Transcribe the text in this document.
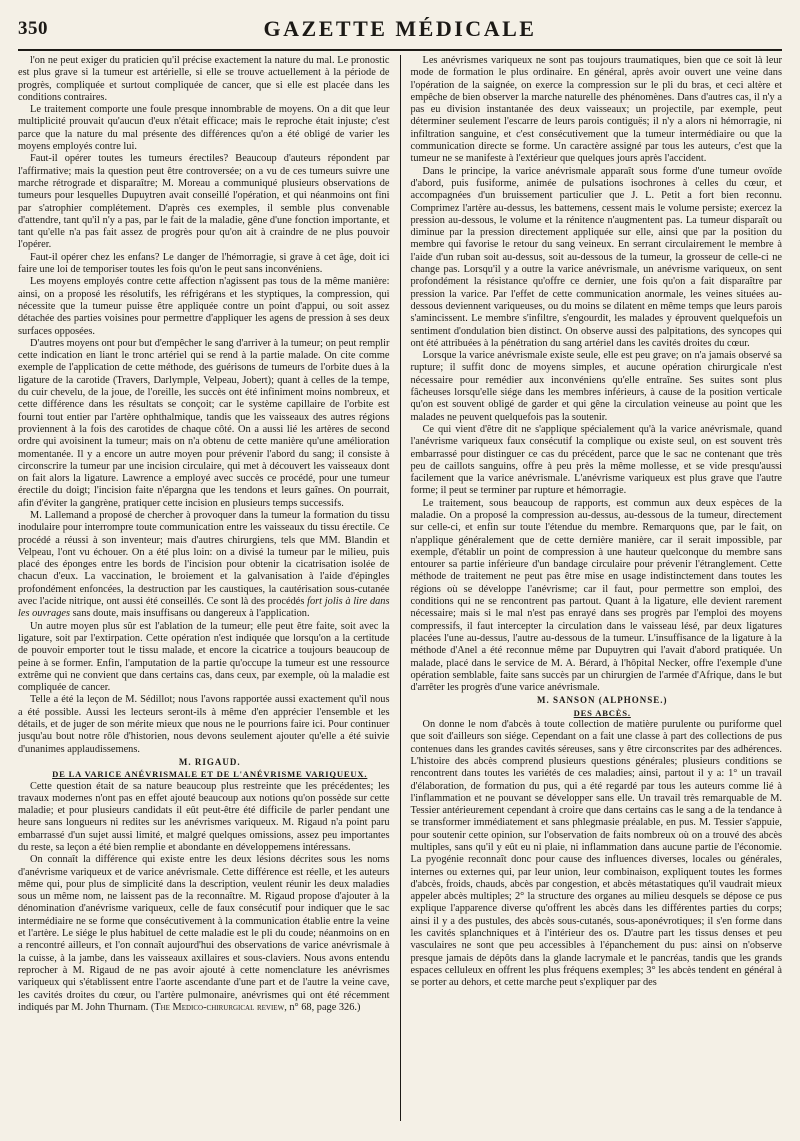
350	GAZETTE MÉDICALE

l'on ne peut exiger du praticien qu'il précise exactement la nature du mal. Le pronostic est plus grave si la tumeur est artérielle, si elle se trouve actuellement à la période de progrès, compliquée et surtout compliquée de cancer, que si elle est placée dans les conditions contraires.

Le traitement comporte une foule presque innombrable de moyens. On a dit que leur multiplicité prouvait qu'aucun d'eux n'était efficace; mais le reproche était injuste; c'est parce que la nature du mal présente des différences qu'on a été obligé de varier les moyens employés contre lui.

Faut-il opérer toutes les tumeurs érectiles? Beaucoup d'auteurs répondent par l'affirmative; mais la question peut être controversée; on a vu de ces tumeurs suivre une marche rétrograde et disparaître; M. Moreau a communiqué plusieurs observations de tumeurs pour lesquelles Dupuytren avait conseillé l'opération, et qui néanmoins ont fini par s'atrophier complétement. D'après ces exemples, il semble plus convenable d'attendre, tant qu'il n'y a pas, par le fait de la maladie, gêne d'une fonction importante, et tant qu'elle n'a pas fait assez de progrès pour qu'on ait à craindre de ne plus pouvoir l'opérer.

Faut-il opérer chez les enfans? Le danger de l'hémorragie, si grave à cet âge, doit ici faire une loi de temporiser toutes les fois qu'on le peut sans inconvéniens.

Les moyens employés contre cette affection n'agissent pas tous de la même manière: ainsi, on a proposé les résolutifs, les réfrigérans et les styptiques, la compression, qui nécessite que la tumeur puisse être appliquée contre un point d'appui, ou soit assez détachée des parties voisines pour permettre d'appliquer les agens de pression à ses deux surfaces opposées.

D'autres moyens ont pour but d'empêcher le sang d'arriver à la tumeur; on peut remplir cette indication en liant le tronc artériel qui se rend à la partie malade. On cite comme exemple de l'application de cette méthode, des guérisons de tumeurs de l'orbite dues à la ligature de la carotide (Travers, Darlymple, Velpeau, Jobert); quant à celles de la tempe, du cuir chevelu, de la joue, de l'oreille, les succès ont été infiniment moins nombreux, et cette différence dans les résultats se conçoit; car le système capillaire de l'orbite est fourni tout entier par l'artère ophthalmique, tandis que les vaisseaux des autres régions proviennent à la fois des carotides de chaque côté. On a aussi lié les artères de second ordre qui avoisinent la tumeur; mais on n'a obtenu de cette manière qu'une amélioration momentanée. Il y a encore un autre moyen pour prévenir l'abord du sang; il consiste à circonscrire la tumeur par une incision circulaire, qui met à découvert les vaisseaux dont on fait alors la ligature. Lawrence a employé avec succès ce procédé, pour une tumeur érectile du doigt; l'incision faite n'épargna que les tendons et leurs gaînes. On pourrait, afin d'éviter la gangrène, pratiquer cette incision en plusieurs temps successifs.

M. Lallemand a proposé de chercher à provoquer dans la tumeur la formation du tissu inodulaire pour interrompre toute communication entre les vaisseaux du tissu érectile. Ce procédé a réussi à son inventeur; mais d'autres chirurgiens, tels que MM. Blandin et Velpeau, l'ont vu échouer. On a été plus loin: on a divisé la tumeur par le milieu, puis placé des éponges entre les bords de l'incision pour obtenir la cicatrisation isolée de chacun d'eux. La vaccination, le broiement et la galvanisation à l'aide d'épingles profondément enfoncées, la destruction par les caustiques, la cautérisation sous-cutanée avec l'acide nitrique, ont aussi été conseillés. Ce sont là des procédés fort jolis à lire dans les ouvrages sans doute, mais insuffisans ou dangereux à l'application.

Un autre moyen plus sûr est l'ablation de la tumeur; elle peut être faite, soit avec la ligature, soit par l'extirpation. Cette opération n'est indiquée que lorsqu'on a la certitude de pouvoir emporter tout le tissu malade, et encore la cicatrice a toujours beaucoup de peine à se former. Enfin, l'amputation de la partie qu'occupe la tumeur est une ressource extrême qui ne convient que dans certains cas, dans ceux, par exemple, où la maladie est compliquée de cancer.

Telle a été la leçon de M. Sédillot; nous l'avons rapportée aussi exactement qu'il nous a été possible. Aussi les lecteurs seront-ils à même d'en apprécier l'ensemble et les détails, et de juger de son mérite mieux que nous ne le pourrions faire ici. Pour continuer jusqu'au bout notre rôle d'historien, nous devons seulement ajouter qu'elle a été suivie d'unanimes applaudissemens.

M. RIGAUD.

DE LA VARICE ANÉVRISMALE ET DE L'ANÉVRISME VARIQUEUX.

Cette question était de sa nature beaucoup plus restreinte que les précédentes; les travaux modernes n'ont pas en effet ajouté beaucoup aux notions qu'on possède sur cette maladie; et pour plusieurs candidats il eût peut-être été difficile de parler pendant une heure sans longueurs ni redites sur les anévrismes variqueux. M. Rigaud n'a point paru embarrassé d'un sujet aussi limité, et malgré quelques omissions, assez peu importantes du reste, sa leçon a été bien remplie et abondante en développemens intéressans.

On connaît la différence qui existe entre les deux lésions décrites sous les noms d'anévrisme variqueux et de varice anévrismale. Cette différence est réelle, et les auteurs même qui, pour plus de simplicité dans la description, veulent réunir les deux maladies sous un même nom, ne laissent pas de la reconnaître. M. Rigaud propose d'ajouter à la dénomination d'anévrisme variqueux, celle de faux consécutif pour indiquer que le sac intermédiaire ne se forme que consécutivement à la communication établie entre la veine et l'artère. Le siége le plus habituel de cette maladie est le pli du coude; néanmoins on en a rencontré ailleurs, et l'on connaît aujourd'hui des observations de varice anévrismale à la cuisse, à la jambe, dans les vaisseaux axillaires et sous-claviers. Nous avons entendu reprocher à M. Rigaud de ne pas avoir ajouté à cette nomenclature les anévrismes variqueux qui s'établissent entre l'aorte ascendante d'une part et de l'autre la veine cave, les cavités droites du cœur, ou l'artère pulmonaire, anévrismes qui ont été récemment indiqués par M. John Thurnam. (The Medico-chirurgical review, n° 68, page 326.)

Les anévrismes variqueux ne sont pas toujours traumatiques, bien que ce soit là leur mode de formation le plus ordinaire. En général, après avoir ouvert une veine dans l'opération de la saignée, on exerce la compression sur le pli du bras, et ceci altère et empêche de bien observer la marche naturelle des phénomènes. Dans d'autres cas, il n'y a pas eu division instantanée des deux vaisseaux; un projectile, par exemple, peut déterminer seulement l'escarre de leurs parois contiguës; il n'y a alors ni hémorragie, ni infiltration sanguine, et c'est consécutivement que la tumeur intermédiaire ou que la communication directe se forme. Un caractère assigné par tous les auteurs, c'est que la tumeur ne se manifeste à l'extérieur que quelques jours après l'accident.

Dans le principe, la varice anévrismale apparaît sous forme d'une tumeur ovoïde d'abord, puis fusiforme, animée de pulsations isochrones à celles du cœur, et accompagnées d'un bruissement particulier que J. L. Petit a fort bien reconnu. Comprimez l'artère au-dessus, les battemens, cessent mais le volume persiste; exercez la pression au-dessous, le volume et la rénitence n'augmentent pas. La tumeur disparaît ou diminue par la pression directement appliquée sur elle, ainsi que par la position du membre qui favorise le retour du sang veineux. En serrant circulairement le membre à l'aide d'un ruban soit au-dessus, soit au-dessous de la tumeur, la grosseur de celle-ci ne change pas. Lorsqu'il y a outre la varice anévrismale, un anévrisme variqueux, on sent profondément la résistance qu'offre ce dernier, une fois qu'on a fait disparaître par pression la varice. Par l'effet de cette communication anormale, les veines situées au-dessous deviennent variqueuses, ou du moins se dilatent en même temps que leurs parois s'amincissent. Le membre s'infiltre, s'engourdit, les malades y éprouvent quelquefois un sentiment d'ondulation bien distinct. On observe aussi des palpitations, des syncopes qui ont été attribuées à la pénétration du sang artériel dans les cavités droites du cœur.

Lorsque la varice anévrismale existe seule, elle est peu grave; on n'a jamais observé sa rupture; il suffit donc de moyens simples, et aucune opération chirurgicale n'est nécessaire pour remédier aux inconvéniens qu'elle entraîne. Ses suites sont plus fâcheuses lorsqu'elle siége dans les membres inférieurs, à cause de la position verticale qu'on est souvent obligé de garder et qui gêne la circulation veineuse au point que les malades ne peuvent quelquefois pas la soutenir.

Ce qui vient d'être dit ne s'applique spécialement qu'à la varice anévrismale, quand l'anévrisme variqueux faux consécutif la complique ou existe seul, on est souvent très embarrassé pour distinguer ce cas du précédent, parce que le sac ne contenant que très peu de caillots sanguins, offre à peu près la même mollesse, et se vide presqu'aussi facilement que la varice anévrismale. L'anévrisme variqueux est plus grave que l'autre forme; il peut se terminer par rupture et hémorragie.

Le traitement, sous beaucoup de rapports, est commun aux deux espèces de la maladie. On a proposé la compression au-dessus, au-dessous de la tumeur, directement sur celle-ci, et enfin sur toute l'étendue du membre. Remarquons que, par le fait, on n'applique généralement que de cette dernière manière, car il serait impossible, par exemple, d'établir un point de compression à une hauteur quelconque du membre sans entourer sa partie inférieure d'un bandage circulaire pour prévenir l'étranglement. Cette méthode de traitement ne peut pas être mise en usage indistinctement dans toutes les régions où se développe l'anévrisme; car il faut, pour permettre son emploi, des conditions qui ne se rencontrent pas partout. Quant à la ligature, elle devient rarement nécessaire; mais si le mal n'est pas enrayé dans ses progrès par l'emploi des moyens compressifs, il faut intercepter la circulation dans le vaisseau lésé, par deux ligatures placées l'une au-dessus, l'autre au-dessous de la tumeur. L'insuffisance de la ligature à la méthode d'Anel a été reconnue même par Dupuytren qui l'avait d'abord pratiquée. Un malade, placé dans le service de M. A. Bérard, à l'hôpital Necker, offre l'exemple d'une opération semblable, faite sans succès par un chirurgien de l'armée d'Afrique, dans le but d'arrêter les progrès d'une varice anévrismale.

M. SANSON (ALPHONSE.)

DES ABCÈS.

On donne le nom d'abcès à toute collection de matière purulente ou puriforme quel que soit d'ailleurs son siége. Cependant on a fait une classe à part des collections de pus contenues dans les grandes cavités séreuses, sans y être circonscrites par des adhérences. L'histoire des abcès comprend plusieurs questions générales; plusieurs conditions se rencontrent dans toutes les variétés de ces maladies; ainsi, partout il y a: 1° un travail d'élaboration, de formation du pus, qui a été regardé par tous les auteurs comme lié à l'inflammation et ne pouvant se développer sans elle. Un travail très remarquable de M. Tessier antérieurement cependant à croire que dans certains cas le sang a de la tendance à se transformer immédiatement et sans phlegmasie préalable, en pus. M. Tessier s'appuie, pour soutenir cette opinion, sur l'observation de faits nombreux où on a trouvé des abcès multiples, sans qu'il y eût eu ni plaie, ni inflammation dans aucune partie de l'économie. La pyogénie reconnaît donc pour cause des influences diverses, locales ou générales, internes ou externes qui, par leur union, leur combinaison, expliquent toutes les formes d'abcès, froids, chauds, abcès par congestion, et abcès métastatiques qu'il vaudrait mieux appeler abcès multiples; 2° la structure des organes au milieu desquels se dépose ce pus explique l'apparence diverse qu'offrent les abcès dans les différentes parties du corps; ainsi il y a des pustules, des abcès sous-cutanés, sous-aponévrotiques; il s'en forme dans les cavités splanchniques et à l'intérieur des os. D'autre part les tissus denses et peu vasculaires ne sont que peu accessibles à l'épanchement du pus: ainsi on n'observe presque jamais de dépôts dans la glande lacrymale et le pancréas, tandis que les grands espaces celluleux en offrent les plus fréquens exemples; 3° les abcès tendent en général à se porter au dehors, et cette marche peut s'expliquer par des
